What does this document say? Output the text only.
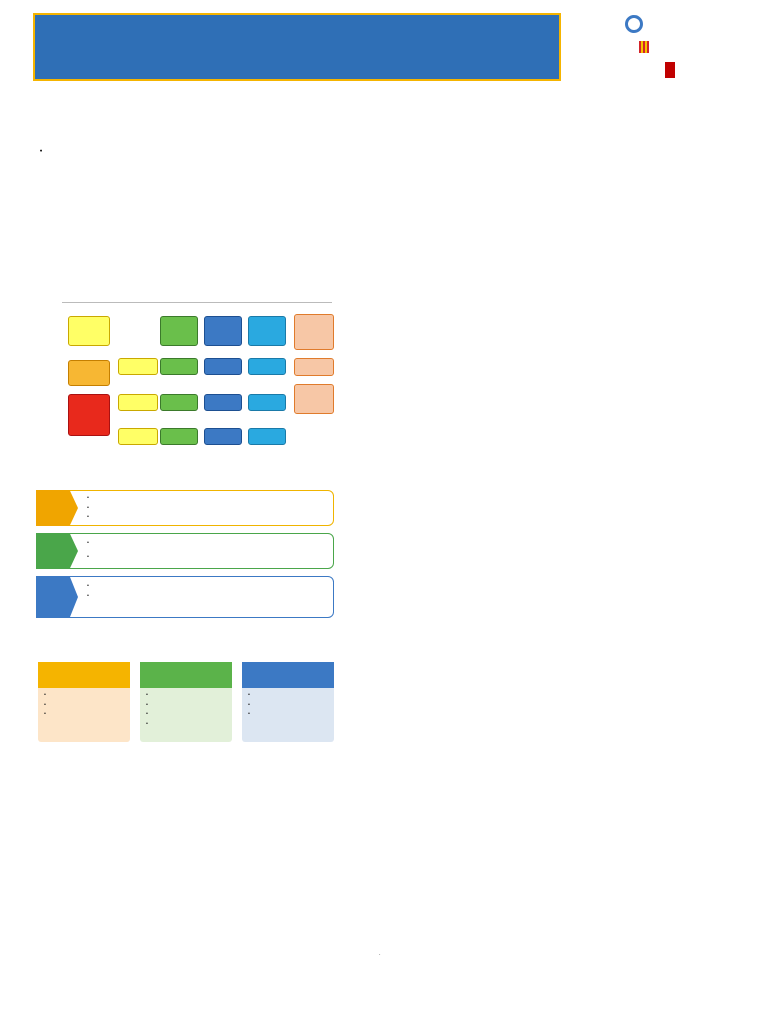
•
•
•
•
•
•
•
•
•
•
•
•
•
•
•
•
•
.
